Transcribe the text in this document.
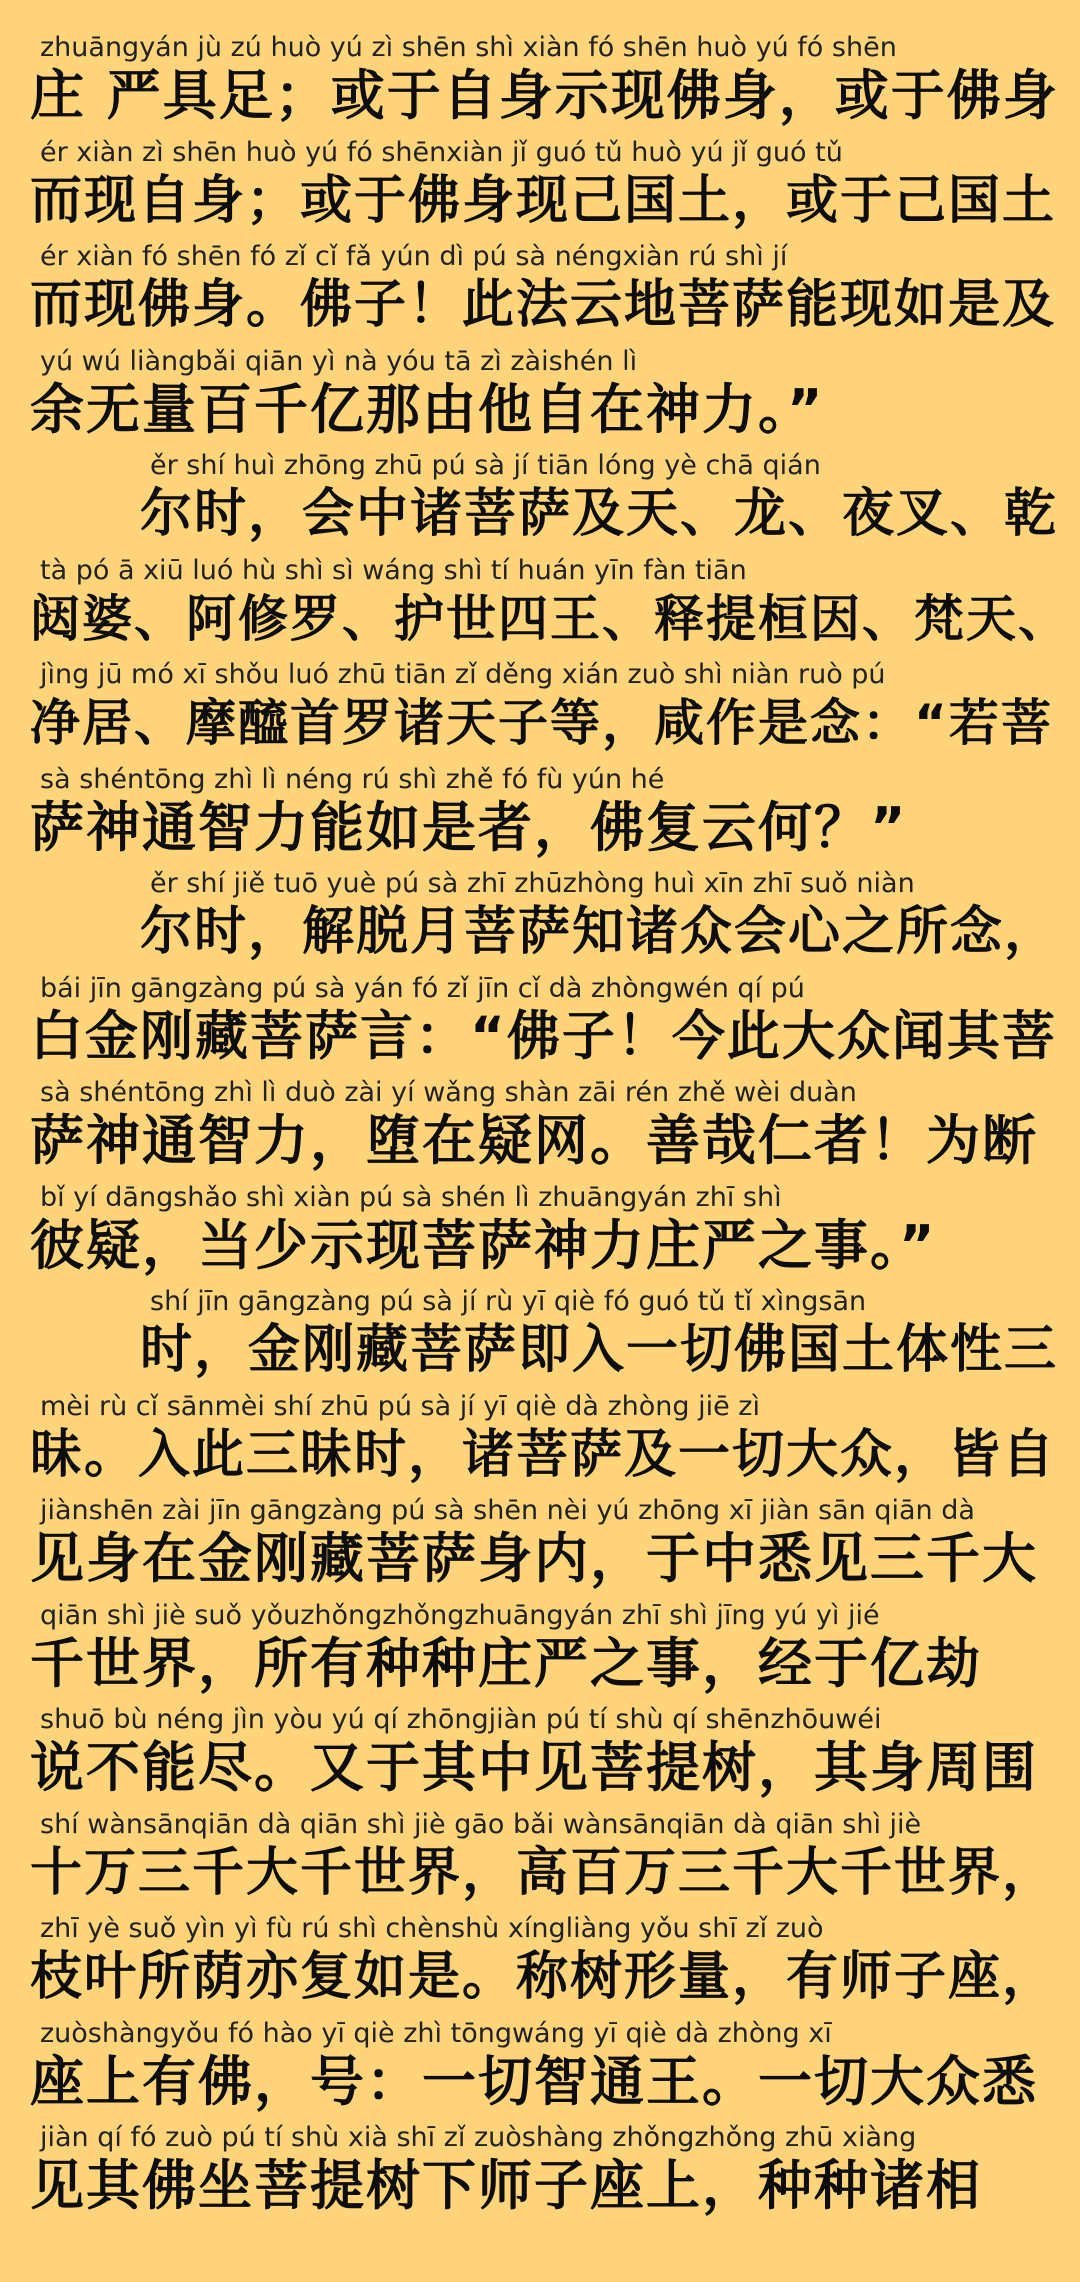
zhuāngyán jù zú huò yú zì shēn shì xiàn fó shēn huò yú fó shēn
庄 严具足；或于自身示现佛身，或于佛身
ér xiàn zì shēn huò yú fó shēnxiàn jǐ guó tǔ huò yú jǐ guó tǔ
而现自身；或于佛身现己国土，或于己国土
ér xiàn fó shēn fó zǐ cǐ fǎ yún dì pú sà néngxiàn rú shì jí
而现佛身。佛子！此法云地菩萨能现如是及
yú wú liàngbǎi qiān yì nà yóu tā zì zàishén lì
余无量百千亿那由他自在神力。”
ěr shí huì zhōng zhū pú sà jí tiān lóng yè chā qián
尔时，会中诸菩萨及天、龙、夜叉、乾
tà pó ā xiū luó hù shì sì wáng shì tí huán yīn fàn tiān
闼婆、阿修罗、护世四王、释提桓因、梵天、
jìng jū mó xī shǒu luó zhū tiān zǐ děng xián zuò shì niàn ruò pú
净居、摩醯首罗诸天子等，咸作是念：“若菩
sà shéntōng zhì lì néng rú shì zhě fó fù yún hé
萨神通智力能如是者，佛复云何？”
ěr shí jiě tuō yuè pú sà zhī zhūzhòng huì xīn zhī suǒ niàn
尔时，解脱月菩萨知诸众会心之所念，
bái jīn gāngzàng pú sà yán fó zǐ jīn cǐ dà zhòngwén qí pú
白金刚藏菩萨言：“佛子！今此大众闻其菩
sà shéntōng zhì lì duò zài yí wǎng shàn zāi rén zhě wèi duàn
萨神通智力，堕在疑网。善哉仁者！为断
bǐ yí dāngshǎo shì xiàn pú sà shén lì zhuāngyán zhī shì
彼疑，当少示现菩萨神力庄严之事。”
shí jīn gāngzàng pú sà jí rù yī qiè fó guó tǔ tǐ xìngsān
时，金刚藏菩萨即入一切佛国土体性三
mèi rù cǐ sānmèi shí zhū pú sà jí yī qiè dà zhòng jiē zì
昧。入此三昧时，诸菩萨及一切大众，皆自
jiànshēn zài jīn gāngzàng pú sà shēn nèi yú zhōng xī jiàn sān qiān dà
见身在金刚藏菩萨身内，于中悉见三千大
qiān shì jiè suǒ yǒuzhǒngzhǒngzhuāngyán zhī shì jīng yú yì jié
千世界，所有种种庄严之事，经于亿劫
shuō bù néng jìn yòu yú qí zhōngjiàn pú tí shù qí shēnzhōuwéi
说不能尽。又于其中见菩提树，其身周围
shí wànsānqiān dà qiān shì jiè gāo bǎi wànsānqiān dà qiān shì jiè
十万三千大千世界，高百万三千大千世界，
zhī yè suǒ yìn yì fù rú shì chènshù xíngliàng yǒu shī zǐ zuò
枝叶所荫亦复如是。称树形量，有师子座，
zuòshàngyǒu fó hào yī qiè zhì tōngwáng yī qiè dà zhòng xī
座上有佛，号：一切智通王。一切大众悉
jiàn qí fó zuò pú tí shù xià shī zǐ zuòshàng zhǒngzhǒng zhū xiàng
见其佛坐菩提树下师子座上，种种诸相
